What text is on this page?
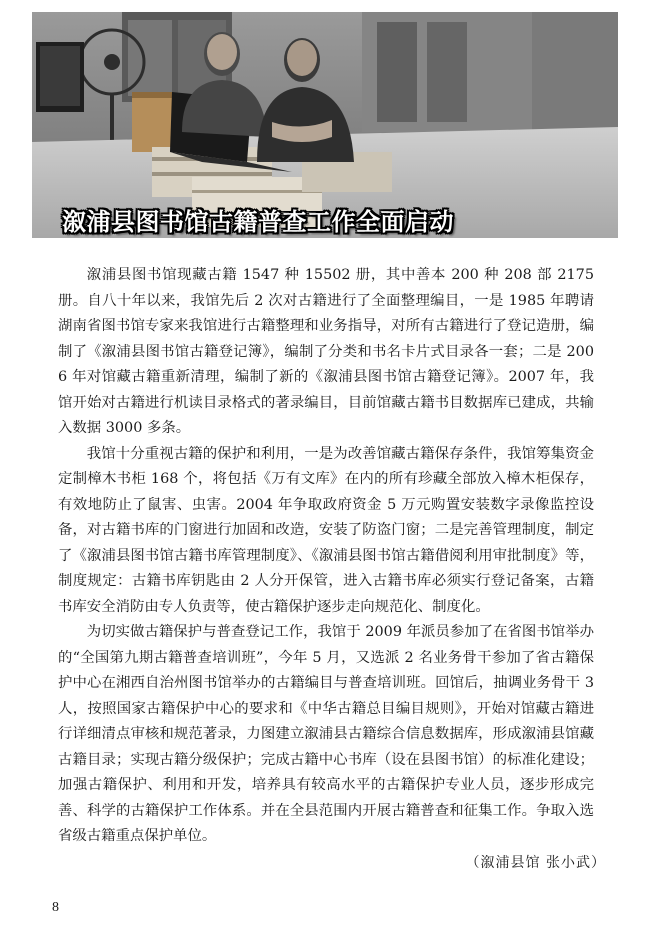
溆浦县图书馆古籍普查工作全面启动

溆浦县图书馆现藏古籍 1547 种 15502 册，其中善本 200 种 208 部 2175 册。自八十年以来，我馆先后 2 次对古籍进行了全面整理编目，一是 1985 年聘请湖南省图书馆专家来我馆进行古籍整理和业务指导，对所有古籍进行了登记造册，编制了《溆浦县图书馆古籍登记簿》，编制了分类和书名卡片式目录各一套；二是 2006 年对馆藏古籍重新清理，编制了新的《溆浦县图书馆古籍登记簿》。2007 年，我馆开始对古籍进行机读目录格式的著录编目，目前馆藏古籍书目数据库已建成，共输入数据 3000 多条。

我馆十分重视古籍的保护和利用，一是为改善馆藏古籍保存条件，我馆筹集资金定制樟木书柜 168 个，将包括《万有文库》在内的所有珍藏全部放入樟木柜保存，有效地防止了鼠害、虫害。2004 年争取政府资金 5 万元购置安装数字录像监控设备，对古籍书库的门窗进行加固和改造，安装了防盗门窗；二是完善管理制度，制定了《溆浦县图书馆古籍书库管理制度》、《溆浦县图书馆古籍借阅利用审批制度》等，制度规定：古籍书库钥匙由 2 人分开保管，进入古籍书库必须实行登记备案，古籍书库安全消防由专人负责等，使古籍保护逐步走向规范化、制度化。

为切实做古籍保护与普查登记工作，我馆于 2009 年派员参加了在省图书馆举办的“全国第九期古籍普查培训班”，今年 5 月，又选派 2 名业务骨干参加了省古籍保护中心在湘西自治州图书馆举办的古籍编目与普查培训班。回馆后，抽调业务骨干 3 人，按照国家古籍保护中心的要求和《中华古籍总目编目规则》，开始对馆藏古籍进行详细清点审核和规范著录，力图建立溆浦县古籍综合信息数据库，形成溆浦县馆藏古籍目录；实现古籍分级保护；完成古籍中心书库（设在县图书馆）的标准化建设；加强古籍保护、利用和开发，培养具有较高水平的古籍保护专业人员，逐步形成完善、科学的古籍保护工作体系。并在全县范围内开展古籍普查和征集工作。争取入选省级古籍重点保护单位。

（溆浦县馆 张小武）
8
